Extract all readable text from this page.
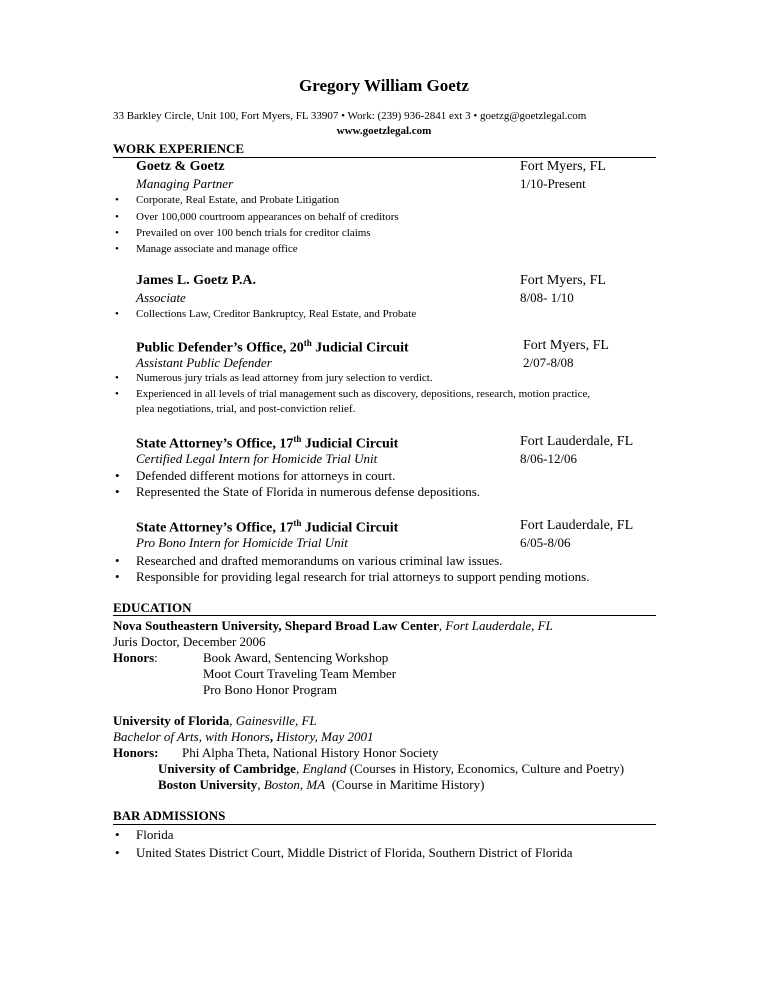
Gregory William Goetz
33 Barkley Circle, Unit 100, Fort Myers, FL 33907 • Work: (239) 936-2841 ext 3 • goetzg@goetzlegal.com
www.goetzlegal.com
WORK EXPERIENCE
Goetz & Goetz	Fort Myers, FL
Managing Partner	1/10-Present
• Corporate, Real Estate, and Probate Litigation
• Over 100,000 courtroom appearances on behalf of creditors
• Prevailed on over 100 bench trials for creditor claims
• Manage associate and manage office
James L. Goetz P.A.	Fort Myers, FL
Associate	8/08- 1/10
• Collections Law, Creditor Bankruptcy, Real Estate, and Probate
Public Defender’s Office, 20th Judicial Circuit	Fort Myers, FL
Assistant Public Defender	2/07-8/08
• Numerous jury trials as lead attorney from jury selection to verdict.
• Experienced in all levels of trial management such as discovery, depositions, research, motion practice,
plea negotiations, trial, and post-conviction relief.
State Attorney’s Office, 17th Judicial Circuit	Fort Lauderdale, FL
Certified Legal Intern for Homicide Trial Unit	8/06-12/06
• Defended different motions for attorneys in court.
• Represented the State of Florida in numerous defense depositions.
State Attorney’s Office, 17th Judicial Circuit	Fort Lauderdale, FL
Pro Bono Intern for Homicide Trial Unit	6/05-8/06
• Researched and drafted memorandums on various criminal law issues.
• Responsible for providing legal research for trial attorneys to support pending motions.
EDUCATION
Nova Southeastern University, Shepard Broad Law Center, Fort Lauderdale, FL
Juris Doctor, December 2006
Honors:	Book Award, Sentencing Workshop
Moot Court Traveling Team Member
Pro Bono Honor Program
University of Florida, Gainesville, FL
Bachelor of Arts, with Honors, History, May 2001
Honors: Phi Alpha Theta, National History Honor Society
University of Cambridge, England (Courses in History, Economics, Culture and Poetry)
Boston University, Boston, MA  (Course in Maritime History)
BAR ADMISSIONS
• Florida
• United States District Court, Middle District of Florida, Southern District of Florida
